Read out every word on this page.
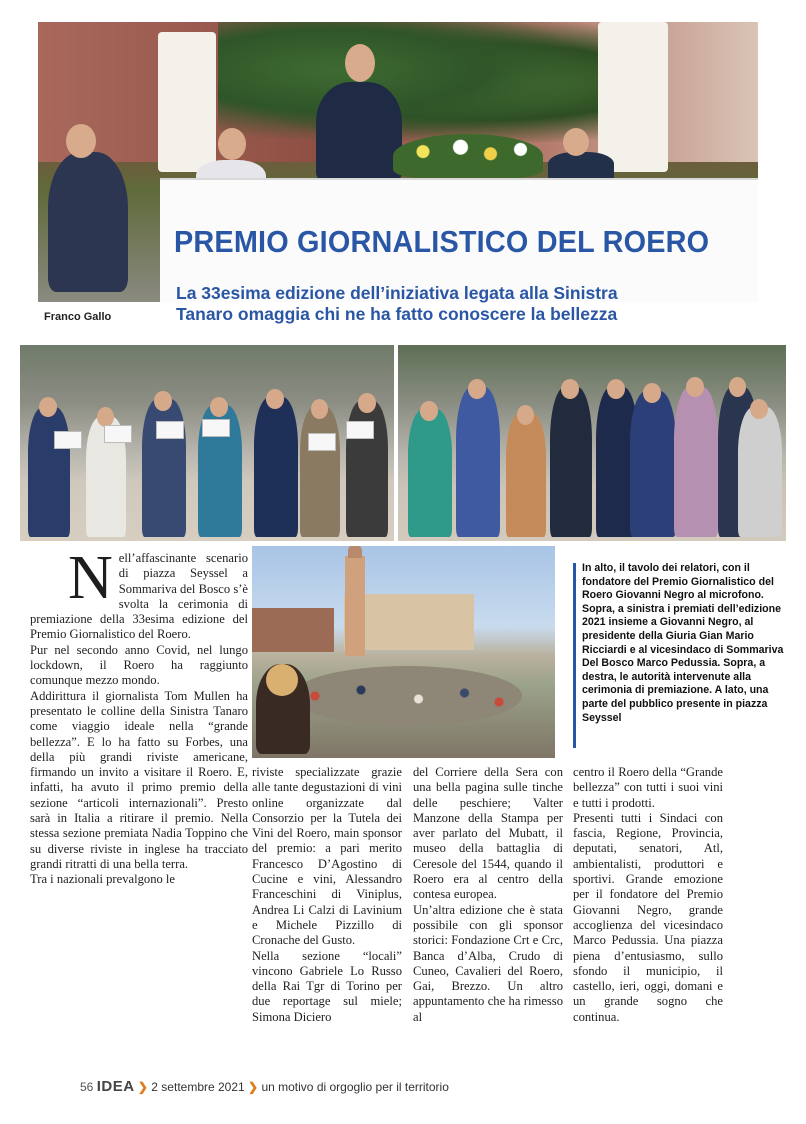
PREMIO GIORNALISTICO DEL ROERO
La 33esima edizione dell’iniziativa legata alla Sinistra
Tanaro omaggia chi ne ha fatto conoscere la bellezza
Franco Gallo
In alto, il tavolo dei relatori, con il fondatore del Premio Giornalistico del Roero Giovanni Negro al microfono. Sopra, a sinistra i premiati dell’edizione 2021 insieme a Giovanni Negro, al presidente della Giuria Gian Mario Ricciardi e al vicesindaco di Sommariva Del Bosco Marco Pedussia. Sopra, a destra, le autorità intervenute alla cerimonia di premiazione. A lato, una parte del pubblico presente in piazza Seyssel

Nell’affascinante scenario di piazza Seyssel a Sommariva del Bosco s’è svolta la cerimonia di premiazione della 33esima edizione del Premio Giornalistico del Roero.

Pur nel secondo anno Covid, nel lungo lockdown, il Roero ha raggiunto comunque mezzo mondo.

Addirittura il giornalista Tom Mullen ha presentato le colline della Sinistra Tanaro come viaggio ideale nella “grande bellezza”. E lo ha fatto su Forbes, una della più grandi riviste americane, firmando un invito a visitare il Roero. E, infatti, ha avuto il primo premio della sezione “articoli internazionali”. Presto sarà in Italia a ritirare il premio. Nella stessa sezione premiata Nadia Toppino che su diverse riviste in inglese ha tracciato grandi ritratti di una bella terra.

Tra i nazionali prevalgono le

riviste specializzate grazie alle tante degustazioni di vini online organizzate dal Consorzio per la Tutela dei Vini del Roero, main sponsor del premio: a pari merito Francesco D’Agostino di Cucine e vini, Alessandro Franceschini di Viniplus, Andrea Li Calzi di Lavinium e Michele Pizzillo di Cronache del Gusto.

Nella sezione “locali” vincono Gabriele Lo Russo della Rai Tgr di Torino per due reportage sul miele; Simona Diciero

del Corriere della Sera con una bella pagina sulle tinche delle peschiere; Valter Manzone della Stampa per aver parlato del Mubatt, il museo della battaglia di Ceresole del 1544, quando il Roero era al centro della contesa europea.

Un’altra edizione che è stata possibile con gli sponsor storici: Fondazione Crt e Crc, Banca d’Alba, Crudo di Cuneo, Cavalieri del Roero, Gai, Brezzo. Un altro appuntamento che ha rimesso al

centro il Roero della “Grande bellezza” con tutti i suoi vini e tutti i prodotti.

Presenti tutti i Sindaci con fascia, Regione, Provincia, deputati, senatori, Atl, ambientalisti, produttori e sportivi. Grande emozione per il fondatore del Premio Giovanni Negro, grande accoglienza del vicesindaco Marco Pedussia. Una piazza piena d’entusiasmo, sullo sfondo il municipio, il castello, ieri, oggi, domani e un grande sogno che continua.

56 IDEA ❯ 2 settembre 2021 ❯ un motivo di orgoglio per il territorio
